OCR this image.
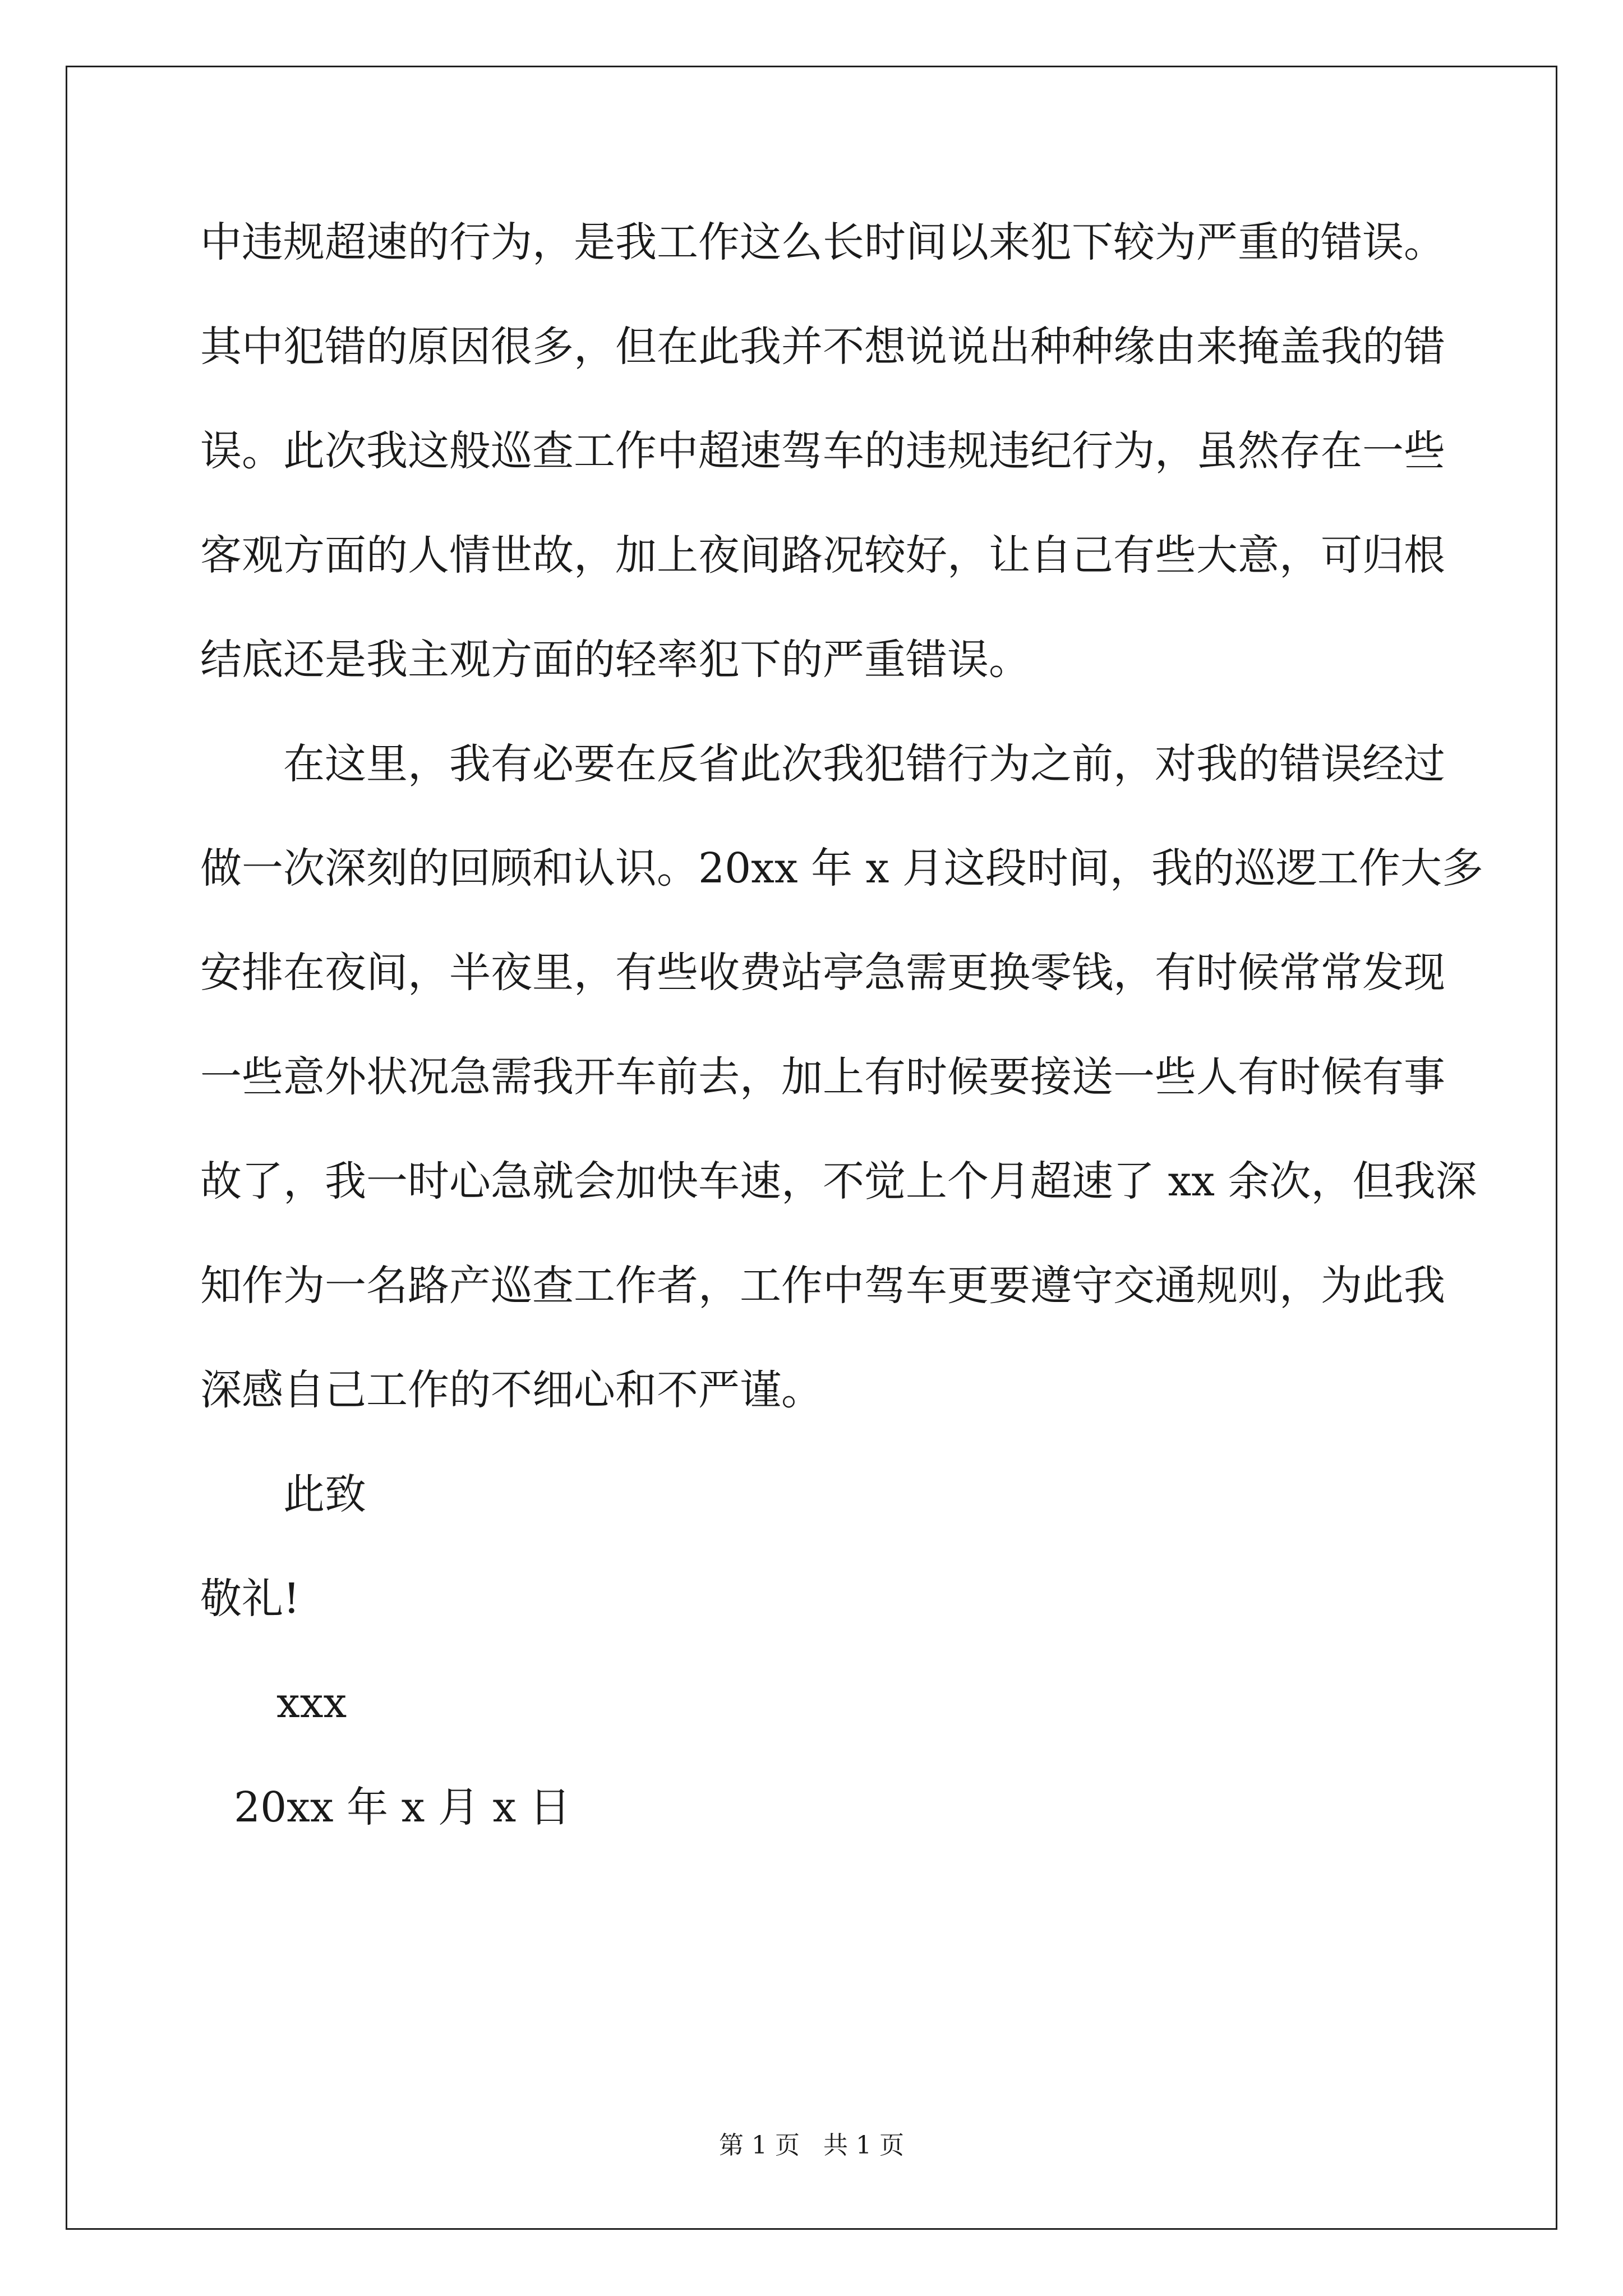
中违规超速的行为，是我工作这么长时间以来犯下较为严重的错误。
其中犯错的原因很多，但在此我并不想说说出种种缘由来掩盖我的错
误。此次我这般巡查工作中超速驾车的违规违纪行为，虽然存在一些
客观方面的人情世故，加上夜间路况较好，让自己有些大意，可归根
结底还是我主观方面的轻率犯下的严重错误。
在这里，我有必要在反省此次我犯错行为之前，对我的错误经过
做一次深刻的回顾和认识。20xx 年 x 月这段时间，我的巡逻工作大多
安排在夜间，半夜里，有些收费站亭急需更换零钱，有时候常常发现
一些意外状况急需我开车前去，加上有时候要接送一些人有时候有事
故了，我一时心急就会加快车速，不觉上个月超速了 xx 余次，但我深
知作为一名路产巡查工作者，工作中驾车更要遵守交通规则，为此我
深感自己工作的不细心和不严谨。
此致
敬礼!
xxx
20xx 年 x 月 x 日
第 1 页   共 1 页
